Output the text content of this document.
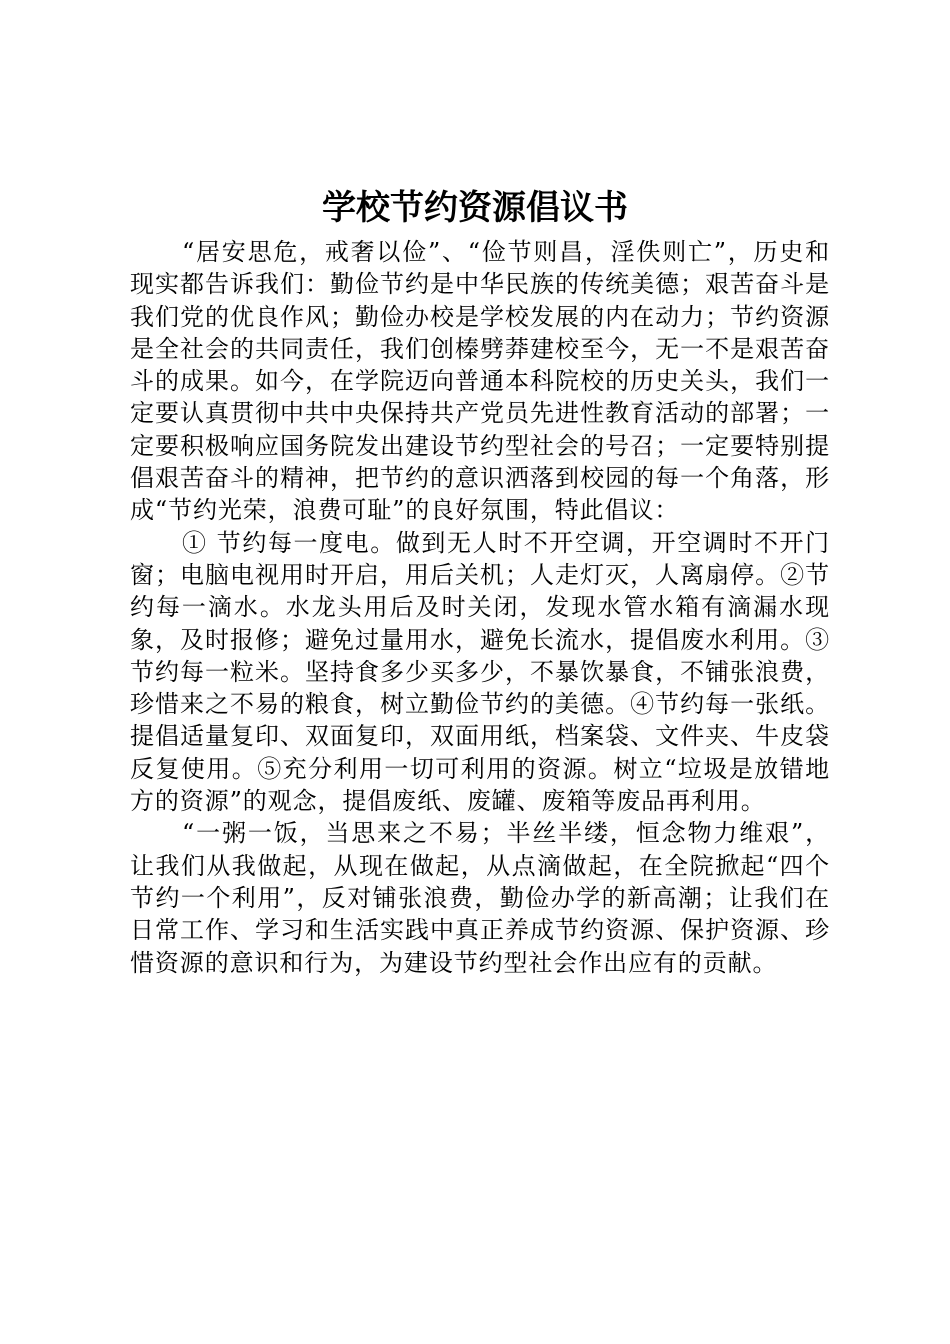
学校节约资源倡议书

“居安思危，戒奢以俭”、“俭节则昌，淫佚则亡”，历史和现实都告诉我们：勤俭节约是中华民族的传统美德；艰苦奋斗是我们党的优良作风；勤俭办校是学校发展的内在动力；节约资源是全社会的共同责任，我们创榛劈莽建校至今，无一不是艰苦奋斗的成果。如今，在学院迈向普通本科院校的历史关头，我们一定要认真贯彻中共中央保持共产党员先进性教育活动的部署；一定要积极响应国务院发出建设节约型社会的号召；一定要特别提倡艰苦奋斗的精神，把节约的意识洒落到校园的每一个角落，形成“节约光荣，浪费可耻”的良好氛围，特此倡议：

① 节约每一度电。做到无人时不开空调，开空调时不开门窗；电脑电视用时开启，用后关机；人走灯灭，人离扇停。②节约每一滴水。水龙头用后及时关闭，发现水管水箱有滴漏水现象，及时报修；避免过量用水，避免长流水，提倡废水利用。③节约每一粒米。坚持食多少买多少，不暴饮暴食，不铺张浪费，珍惜来之不易的粮食，树立勤俭节约的美德。④节约每一张纸。提倡适量复印、双面复印，双面用纸，档案袋、文件夹、牛皮袋反复使用。⑤充分利用一切可利用的资源。树立“垃圾是放错地方的资源”的观念，提倡废纸、废罐、废箱等废品再利用。

“一粥一饭，当思来之不易；半丝半缕，恒念物力维艰”，让我们从我做起，从现在做起，从点滴做起，在全院掀起“四个节约一个利用”，反对铺张浪费，勤俭办学的新高潮；让我们在日常工作、学习和生活实践中真正养成节约资源、保护资源、珍惜资源的意识和行为，为建设节约型社会作出应有的贡献。
